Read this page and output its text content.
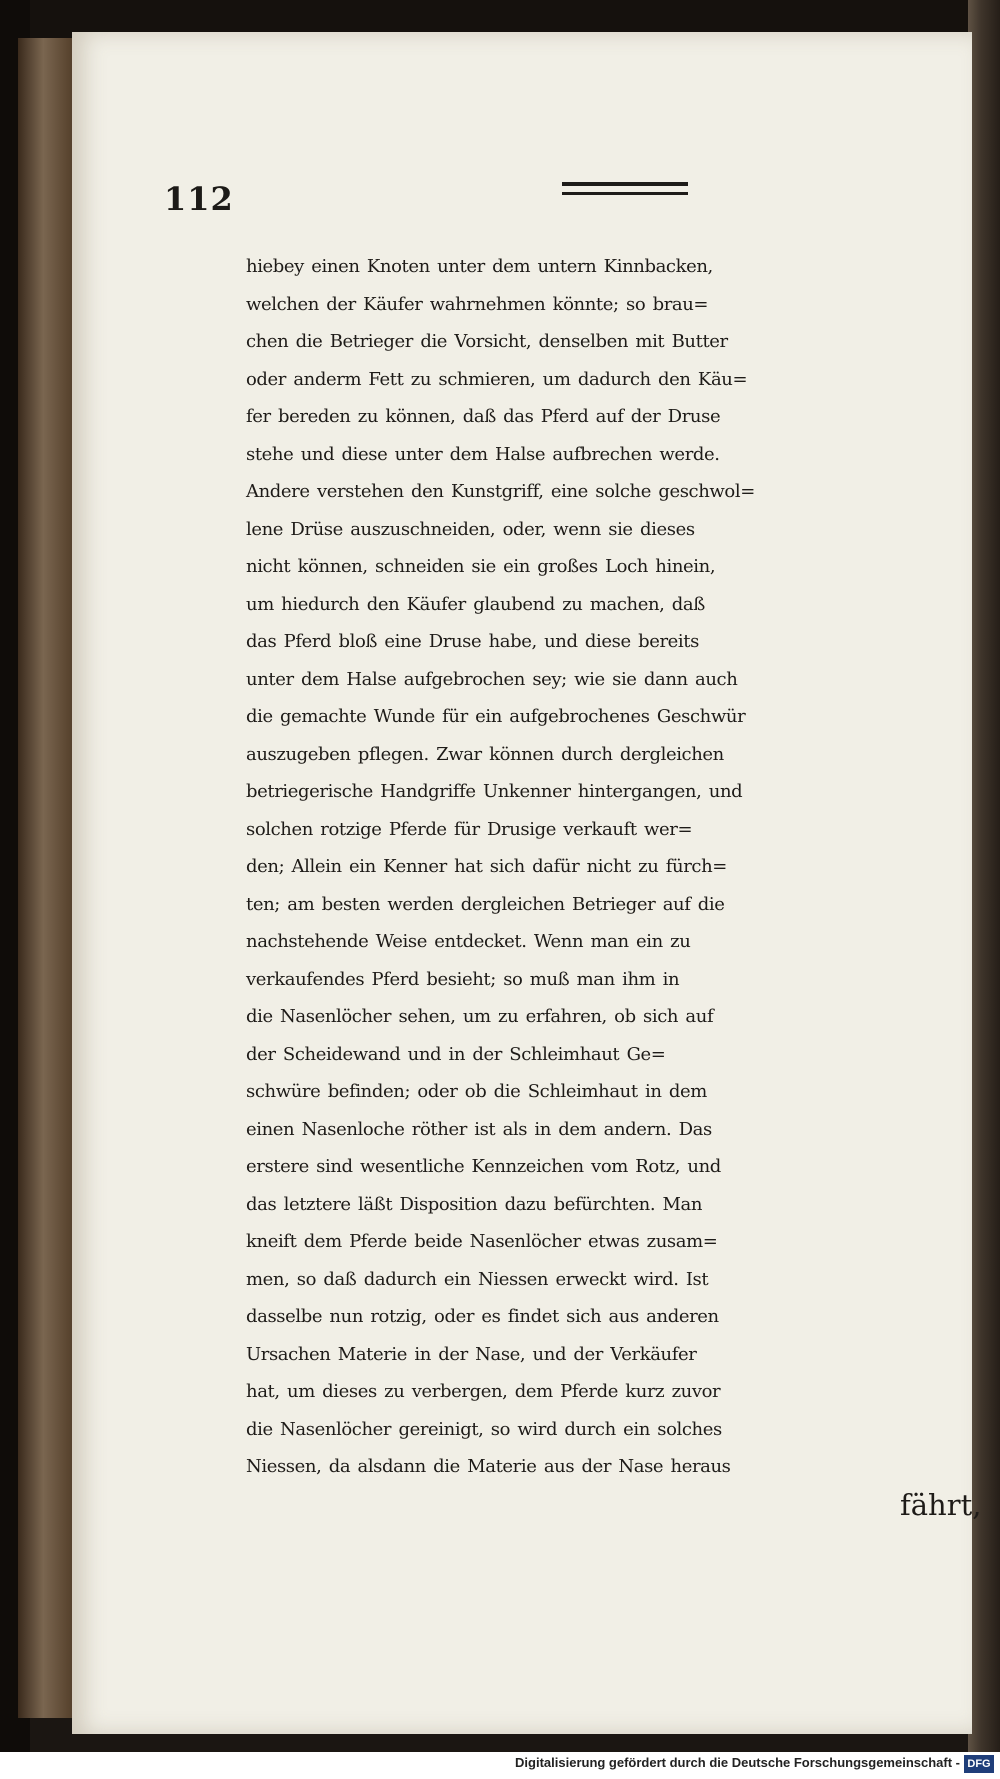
112
hiebey einen Knoten unter dem untern Kinnbacken,
welchen der Käufer wahrnehmen könnte; so brau=
chen die Betrieger die Vorsicht, denselben mit Butter
oder anderm Fett zu schmieren, um dadurch den Käu=
fer bereden zu können, daß das Pferd auf der Druse
stehe und diese unter dem Halse aufbrechen werde.
Andere verstehen den Kunstgriff, eine solche geschwol=
lene Drüse auszuschneiden, oder, wenn sie dieses
nicht können, schneiden sie ein großes Loch hinein,
um hiedurch den Käufer glaubend zu machen, daß
das Pferd bloß eine Druse habe, und diese bereits
unter dem Halse aufgebrochen sey; wie sie dann auch
die gemachte Wunde für ein aufgebrochenes Geschwür
auszugeben pflegen. Zwar können durch dergleichen
betriegerische Handgriffe Unkenner hintergangen, und
solchen rotzige Pferde für Drusige verkauft wer=
den; Allein ein Kenner hat sich dafür nicht zu fürch=
ten; am besten werden dergleichen Betrieger auf die
nachstehende Weise entdecket. Wenn man ein zu
verkaufendes Pferd besieht; so muß man ihm in
die Nasenlöcher sehen, um zu erfahren, ob sich auf
der Scheidewand und in der Schleimhaut Ge=
schwüre befinden; oder ob die Schleimhaut in dem
einen Nasenloche röther ist als in dem andern. Das
erstere sind wesentliche Kennzeichen vom Rotz, und
das letztere läßt Disposition dazu befürchten. Man
kneift dem Pferde beide Nasenlöcher etwas zusam=
men, so daß dadurch ein Niessen erweckt wird. Ist
dasselbe nun rotzig, oder es findet sich aus anderen
Ursachen Materie in der Nase, und der Verkäufer
hat, um dieses zu verbergen, dem Pferde kurz zuvor
die Nasenlöcher gereinigt, so wird durch ein solches
Niessen, da alsdann die Materie aus der Nase heraus
fährt,
Digitalisierung gefördert durch die Deutsche Forschungsgemeinschaft - DFG
